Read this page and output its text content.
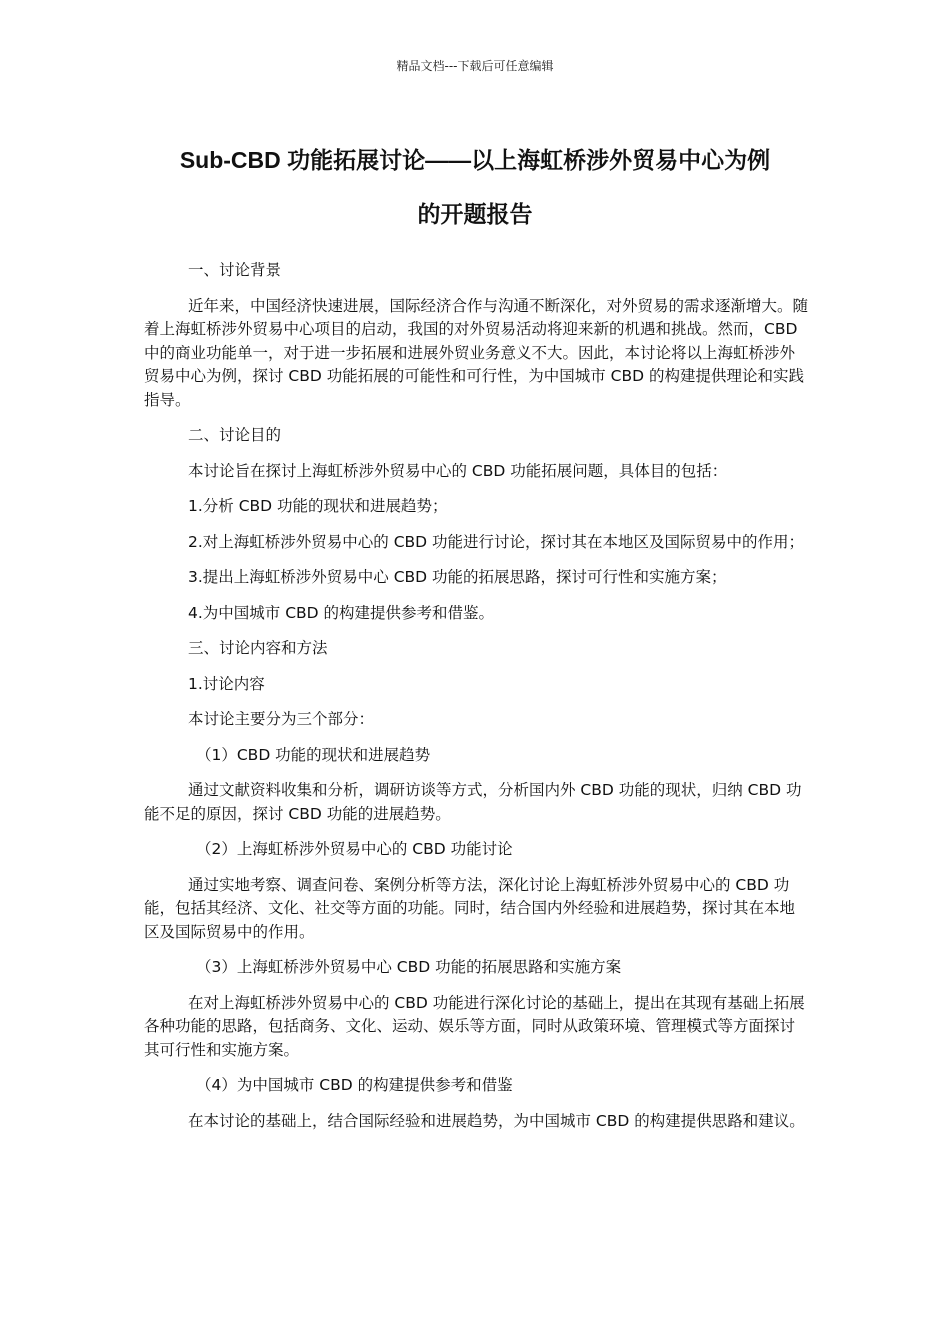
精品文档---下载后可任意编辑
Sub-CBD 功能拓展讨论——以上海虹桥涉外贸易中心为例
的开题报告

一、讨论背景

近年来，中国经济快速进展，国际经济合作与沟通不断深化，对外贸易的需求逐渐增大。随着上海虹桥涉外贸易中心项目的启动，我国的对外贸易活动将迎来新的机遇和挑战。然而，CBD 中的商业功能单一，对于进一步拓展和进展外贸业务意义不大。因此，本讨论将以上海虹桥涉外贸易中心为例，探讨 CBD 功能拓展的可能性和可行性，为中国城市 CBD 的构建提供理论和实践指导。

二、讨论目的

本讨论旨在探讨上海虹桥涉外贸易中心的 CBD 功能拓展问题，具体目的包括：

1.分析 CBD 功能的现状和进展趋势；

2.对上海虹桥涉外贸易中心的 CBD 功能进行讨论，探讨其在本地区及国际贸易中的作用；

3.提出上海虹桥涉外贸易中心 CBD 功能的拓展思路，探讨可行性和实施方案；

4.为中国城市 CBD 的构建提供参考和借鉴。

三、讨论内容和方法

1.讨论内容

本讨论主要分为三个部分：

（1）CBD 功能的现状和进展趋势

通过文献资料收集和分析，调研访谈等方式，分析国内外 CBD 功能的现状，归纳 CBD 功能不足的原因，探讨 CBD 功能的进展趋势。

（2）上海虹桥涉外贸易中心的 CBD 功能讨论

通过实地考察、调查问卷、案例分析等方法，深化讨论上海虹桥涉外贸易中心的 CBD 功能，包括其经济、文化、社交等方面的功能。同时，结合国内外经验和进展趋势，探讨其在本地区及国际贸易中的作用。

（3）上海虹桥涉外贸易中心 CBD 功能的拓展思路和实施方案

在对上海虹桥涉外贸易中心的 CBD 功能进行深化讨论的基础上，提出在其现有基础上拓展各种功能的思路，包括商务、文化、运动、娱乐等方面，同时从政策环境、管理模式等方面探讨其可行性和实施方案。

（4）为中国城市 CBD 的构建提供参考和借鉴

在本讨论的基础上，结合国际经验和进展趋势，为中国城市 CBD 的构建提供思路和建议。
